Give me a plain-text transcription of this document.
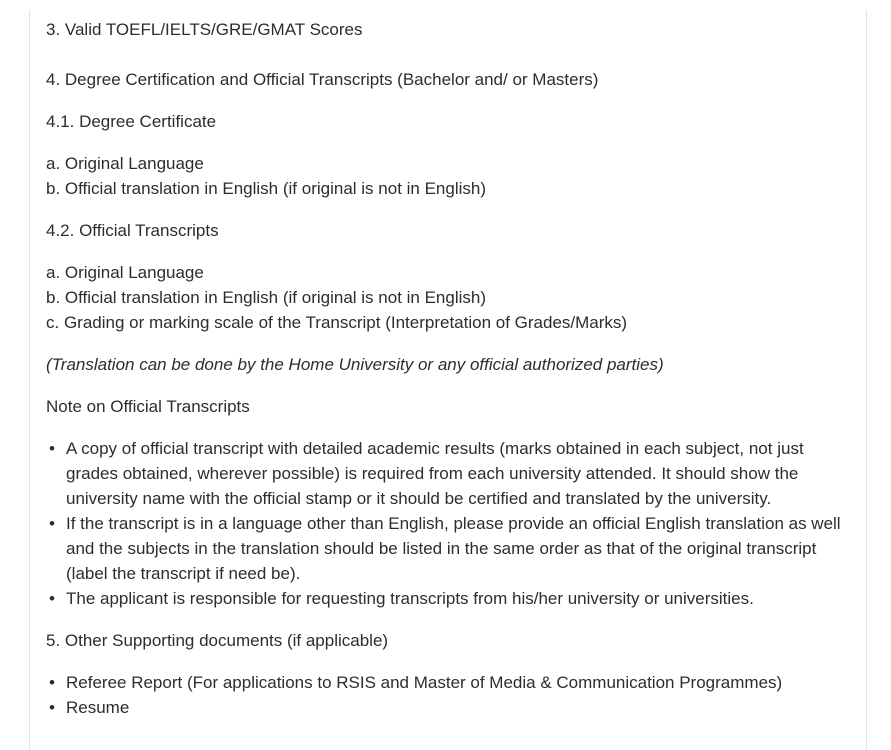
3. Valid TOEFL/IELTS/GRE/GMAT Scores

4. Degree Certification and Official Transcripts (Bachelor and/ or Masters)

4.1. Degree Certificate

a. Original Language

b. Official translation in English (if original is not in English)

4.2. Official Transcripts

a. Original Language

b. Official translation in English (if original is not in English)

c. Grading or marking scale of the Transcript (Interpretation of Grades/Marks)

(Translation can be done by the Home University or any official authorized parties)

Note on Official Transcripts

• A copy of official transcript with detailed academic results (marks obtained in each subject, not just grades obtained, wherever possible) is required from each university attended. It should show the university name with the official stamp or it should be certified and translated by the university.
• If the transcript is in a language other than English, please provide an official English translation as well and the subjects in the translation should be listed in the same order as that of the original transcript (label the transcript if need be).
• The applicant is responsible for requesting transcripts from his/her university or universities.

5. Other Supporting documents (if applicable)

• Referee Report (For applications to RSIS and Master of Media & Communication Programmes)
• Resume
